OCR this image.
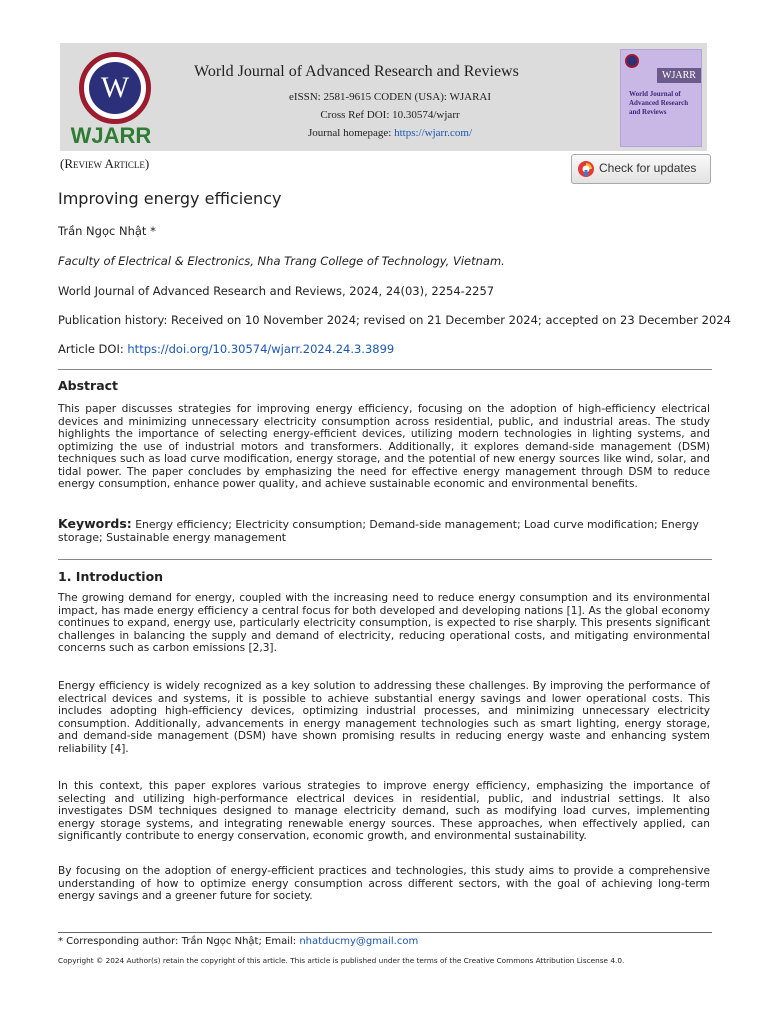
W
WJARR
World Journal of Advanced Research and Reviews
eISSN: 2581-9615 CODEN (USA): WJARAI
Cross Ref DOI: 10.30574/wjarr
Journal homepage: https://wjarr.com/
WJARR
World Journal of Advanced Research and Reviews
(Review Article)	Check for updates
Improving energy efficiency
Trần Ngọc Nhật *
Faculty of Electrical & Electronics, Nha Trang College of Technology, Vietnam.
World Journal of Advanced Research and Reviews, 2024, 24(03), 2254-2257
Publication history: Received on 10 November 2024; revised on 21 December 2024; accepted on 23 December 2024
Article DOI: https://doi.org/10.30574/wjarr.2024.24.3.3899
Abstract
This paper discusses strategies for improving energy efficiency, focusing on the adoption of high-efficiency electrical devices and minimizing unnecessary electricity consumption across residential, public, and industrial areas. The study highlights the importance of selecting energy-efficient devices, utilizing modern technologies in lighting systems, and optimizing the use of industrial motors and transformers. Additionally, it explores demand-side management (DSM) techniques such as load curve modification, energy storage, and the potential of new energy sources like wind, solar, and tidal power. The paper concludes by emphasizing the need for effective energy management through DSM to reduce energy consumption, enhance power quality, and achieve sustainable economic and environmental benefits.
Keywords: Energy efficiency; Electricity consumption; Demand-side management; Load curve modification; Energy storage; Sustainable energy management
1. Introduction
The growing demand for energy, coupled with the increasing need to reduce energy consumption and its environmental impact, has made energy efficiency a central focus for both developed and developing nations [1]. As the global economy continues to expand, energy use, particularly electricity consumption, is expected to rise sharply. This presents significant challenges in balancing the supply and demand of electricity, reducing operational costs, and mitigating environmental concerns such as carbon emissions [2,3].
Energy efficiency is widely recognized as a key solution to addressing these challenges. By improving the performance of electrical devices and systems, it is possible to achieve substantial energy savings and lower operational costs. This includes adopting high-efficiency devices, optimizing industrial processes, and minimizing unnecessary electricity consumption. Additionally, advancements in energy management technologies such as smart lighting, energy storage, and demand-side management (DSM) have shown promising results in reducing energy waste and enhancing system reliability [4].
In this context, this paper explores various strategies to improve energy efficiency, emphasizing the importance of selecting and utilizing high-performance electrical devices in residential, public, and industrial settings. It also investigates DSM techniques designed to manage electricity demand, such as modifying load curves, implementing energy storage systems, and integrating renewable energy sources. These approaches, when effectively applied, can significantly contribute to energy conservation, economic growth, and environmental sustainability.
By focusing on the adoption of energy-efficient practices and technologies, this study aims to provide a comprehensive understanding of how to optimize energy consumption across different sectors, with the goal of achieving long-term energy savings and a greener future for society.
* Corresponding author: Trần Ngọc Nhật; Email: nhatducmy@gmail.com
Copyright © 2024 Author(s) retain the copyright of this article. This article is published under the terms of the Creative Commons Attribution Liscense 4.0.
